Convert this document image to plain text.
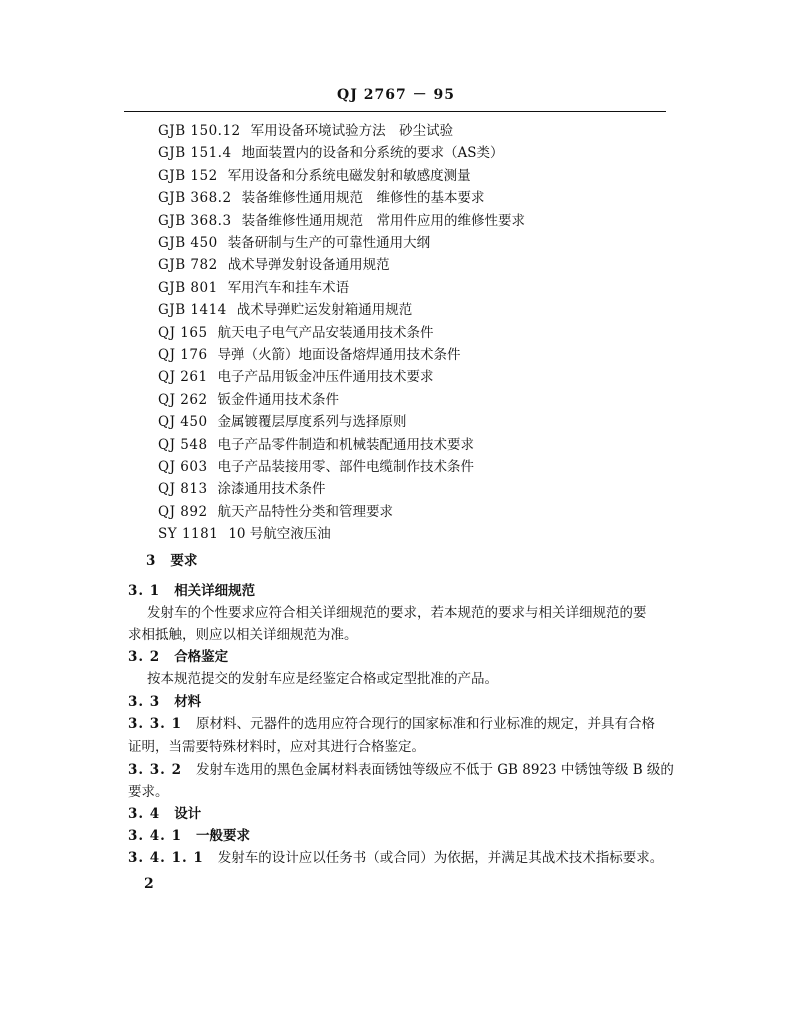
QJ 2767 － 95
GJB 150.12 军用设备环境试验方法　砂尘试验
GJB 151.4 地面装置内的设备和分系统的要求（AS类）
GJB 152 军用设备和分系统电磁发射和敏感度测量
GJB 368.2 装备维修性通用规范　维修性的基本要求
GJB 368.3 装备维修性通用规范　常用件应用的维修性要求
GJB 450 装备研制与生产的可靠性通用大纲
GJB 782 战术导弹发射设备通用规范
GJB 801 军用汽车和挂车术语
GJB 1414 战术导弹贮运发射箱通用规范
QJ 165 航天电子电气产品安装通用技术条件
QJ 176 导弹（火箭）地面设备熔焊通用技术条件
QJ 261 电子产品用钣金冲压件通用技术要求
QJ 262 钣金件通用技术条件
QJ 450 金属镀覆层厚度系列与选择原则
QJ 548 电子产品零件制造和机械装配通用技术要求
QJ 603 电子产品装接用零、部件电缆制作技术条件
QJ 813 涂漆通用技术条件
QJ 892 航天产品特性分类和管理要求
SY 1181 10 号航空液压油
3 要求
3. 1 相关详细规范
发射车的个性要求应符合相关详细规范的要求，若本规范的要求与相关详细规范的要
求相抵触，则应以相关详细规范为准。
3. 2 合格鉴定
按本规范提交的发射车应是经鉴定合格或定型批准的产品。
3. 3 材料
3. 3. 1 原材料、元器件的选用应符合现行的国家标准和行业标准的规定，并具有合格
证明，当需要特殊材料时，应对其进行合格鉴定。
3. 3. 2 发射车选用的黑色金属材料表面锈蚀等级应不低于 GB 8923 中锈蚀等级 B 级的
要求。
3. 4 设计
3. 4. 1 一般要求
3. 4. 1. 1 发射车的设计应以任务书（或合同）为依据，并满足其战术技术指标要求。
2
